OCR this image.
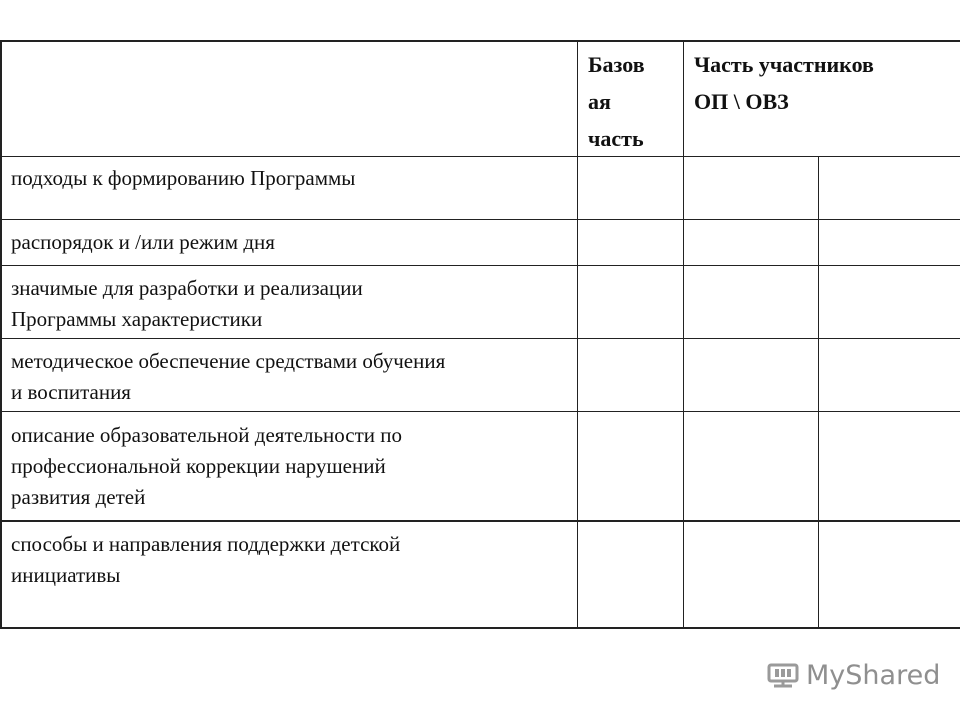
Базов
ая
часть
Часть участников
ОП \ ОВЗ
подходы к формированию Программы
распорядок и /или режим дня
значимые для разработки и реализации
Программы характеристики
методическое обеспечение средствами обучения
и воспитания
описание образовательной деятельности по
профессиональной коррекции нарушений
развития детей
способы и направления поддержки детской
инициативы
MyShared
